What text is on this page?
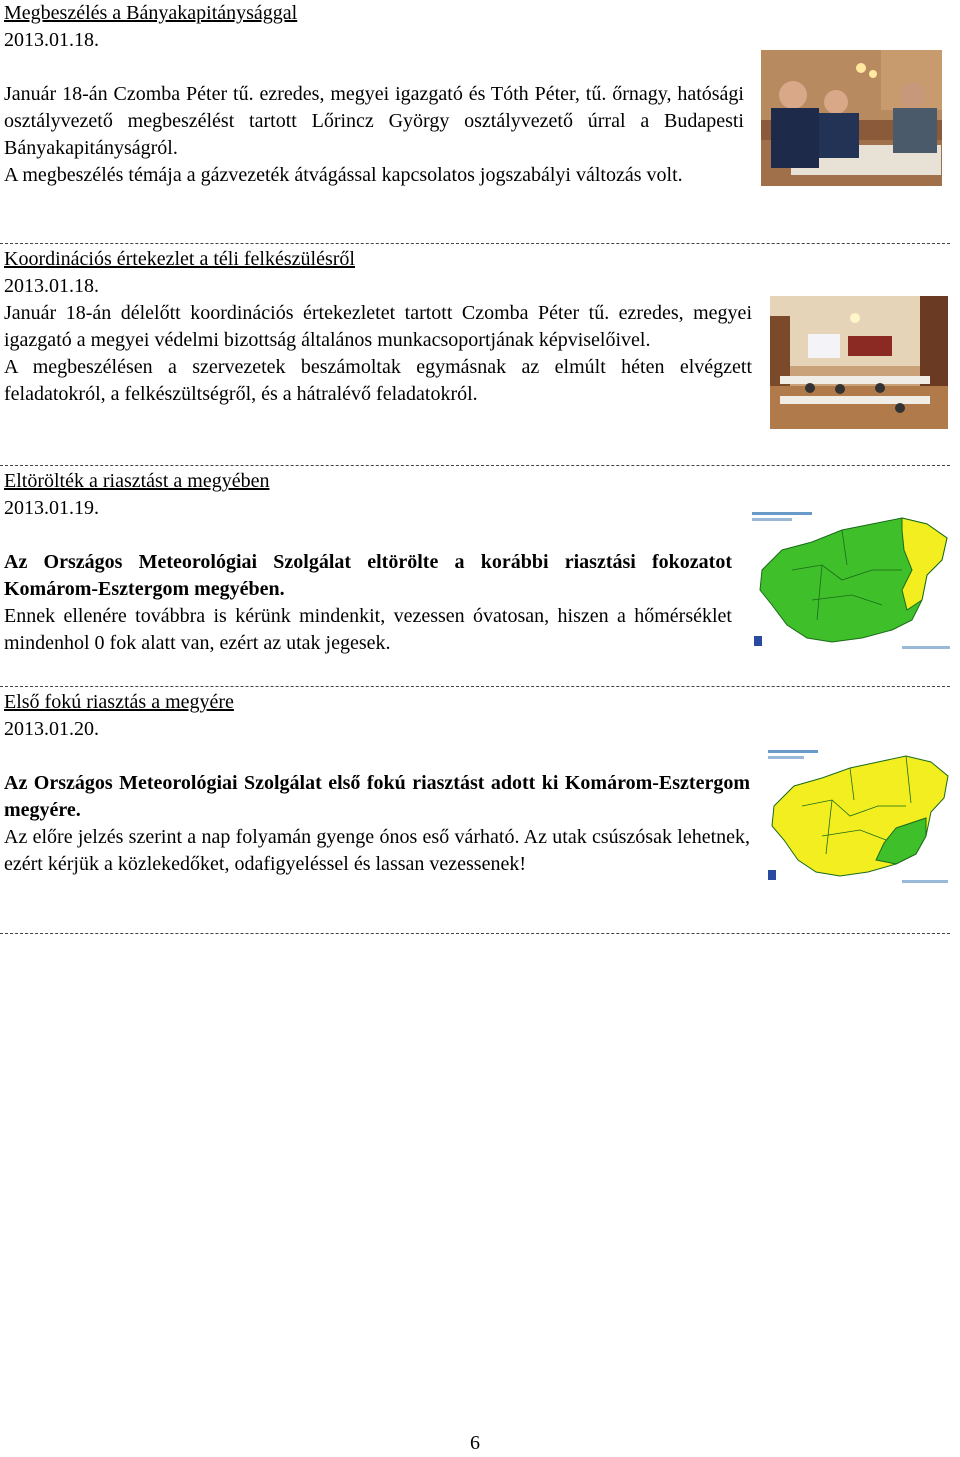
Megbeszélés a Bányakapitánysággal
2013.01.18.

Január 18-án Czomba Péter tű. ezredes, megyei igazgató és Tóth Péter, tű. őrnagy, hatósági osztályvezető megbeszélést tartott Lőrincz György osztályvezető úrral a Budapesti Bányakapitányságról.
A megbeszélés témája a gázvezeték átvágással kapcsolatos jogszabályi változás volt.
Koordinációs értekezlet a téli felkészülésről
2013.01.18.
Január 18-án délelőtt koordinációs értekezletet tartott Czomba Péter tű. ezredes, megyei igazgató a megyei védelmi bizottság általános munkacsoportjának képviselőivel.
A megbeszélésen a szervezetek beszámoltak egymásnak az elmúlt héten elvégzett feladatokról, a felkészültségről, és a hátralévő feladatokról.
Eltörölték a riasztást a megyében
2013.01.19.

Az Országos Meteorológiai Szolgálat eltörölte a korábbi riasztási fokozatot Komárom-Esztergom megyében.
Ennek ellenére továbbra is kérünk mindenkit, vezessen óvatosan, hiszen a hőmérséklet mindenhol 0 fok alatt van, ezért az utak jegesek.
Első fokú riasztás a megyére
2013.01.20.

Az Országos Meteorológiai Szolgálat első fokú riasztást adott ki Komárom-Esztergom megyére.
Az előre jelzés szerint a nap folyamán gyenge ónos eső várható. Az utak csúszósak lehetnek, ezért kérjük a közlekedőket, odafigyeléssel és lassan vezessenek!
6
